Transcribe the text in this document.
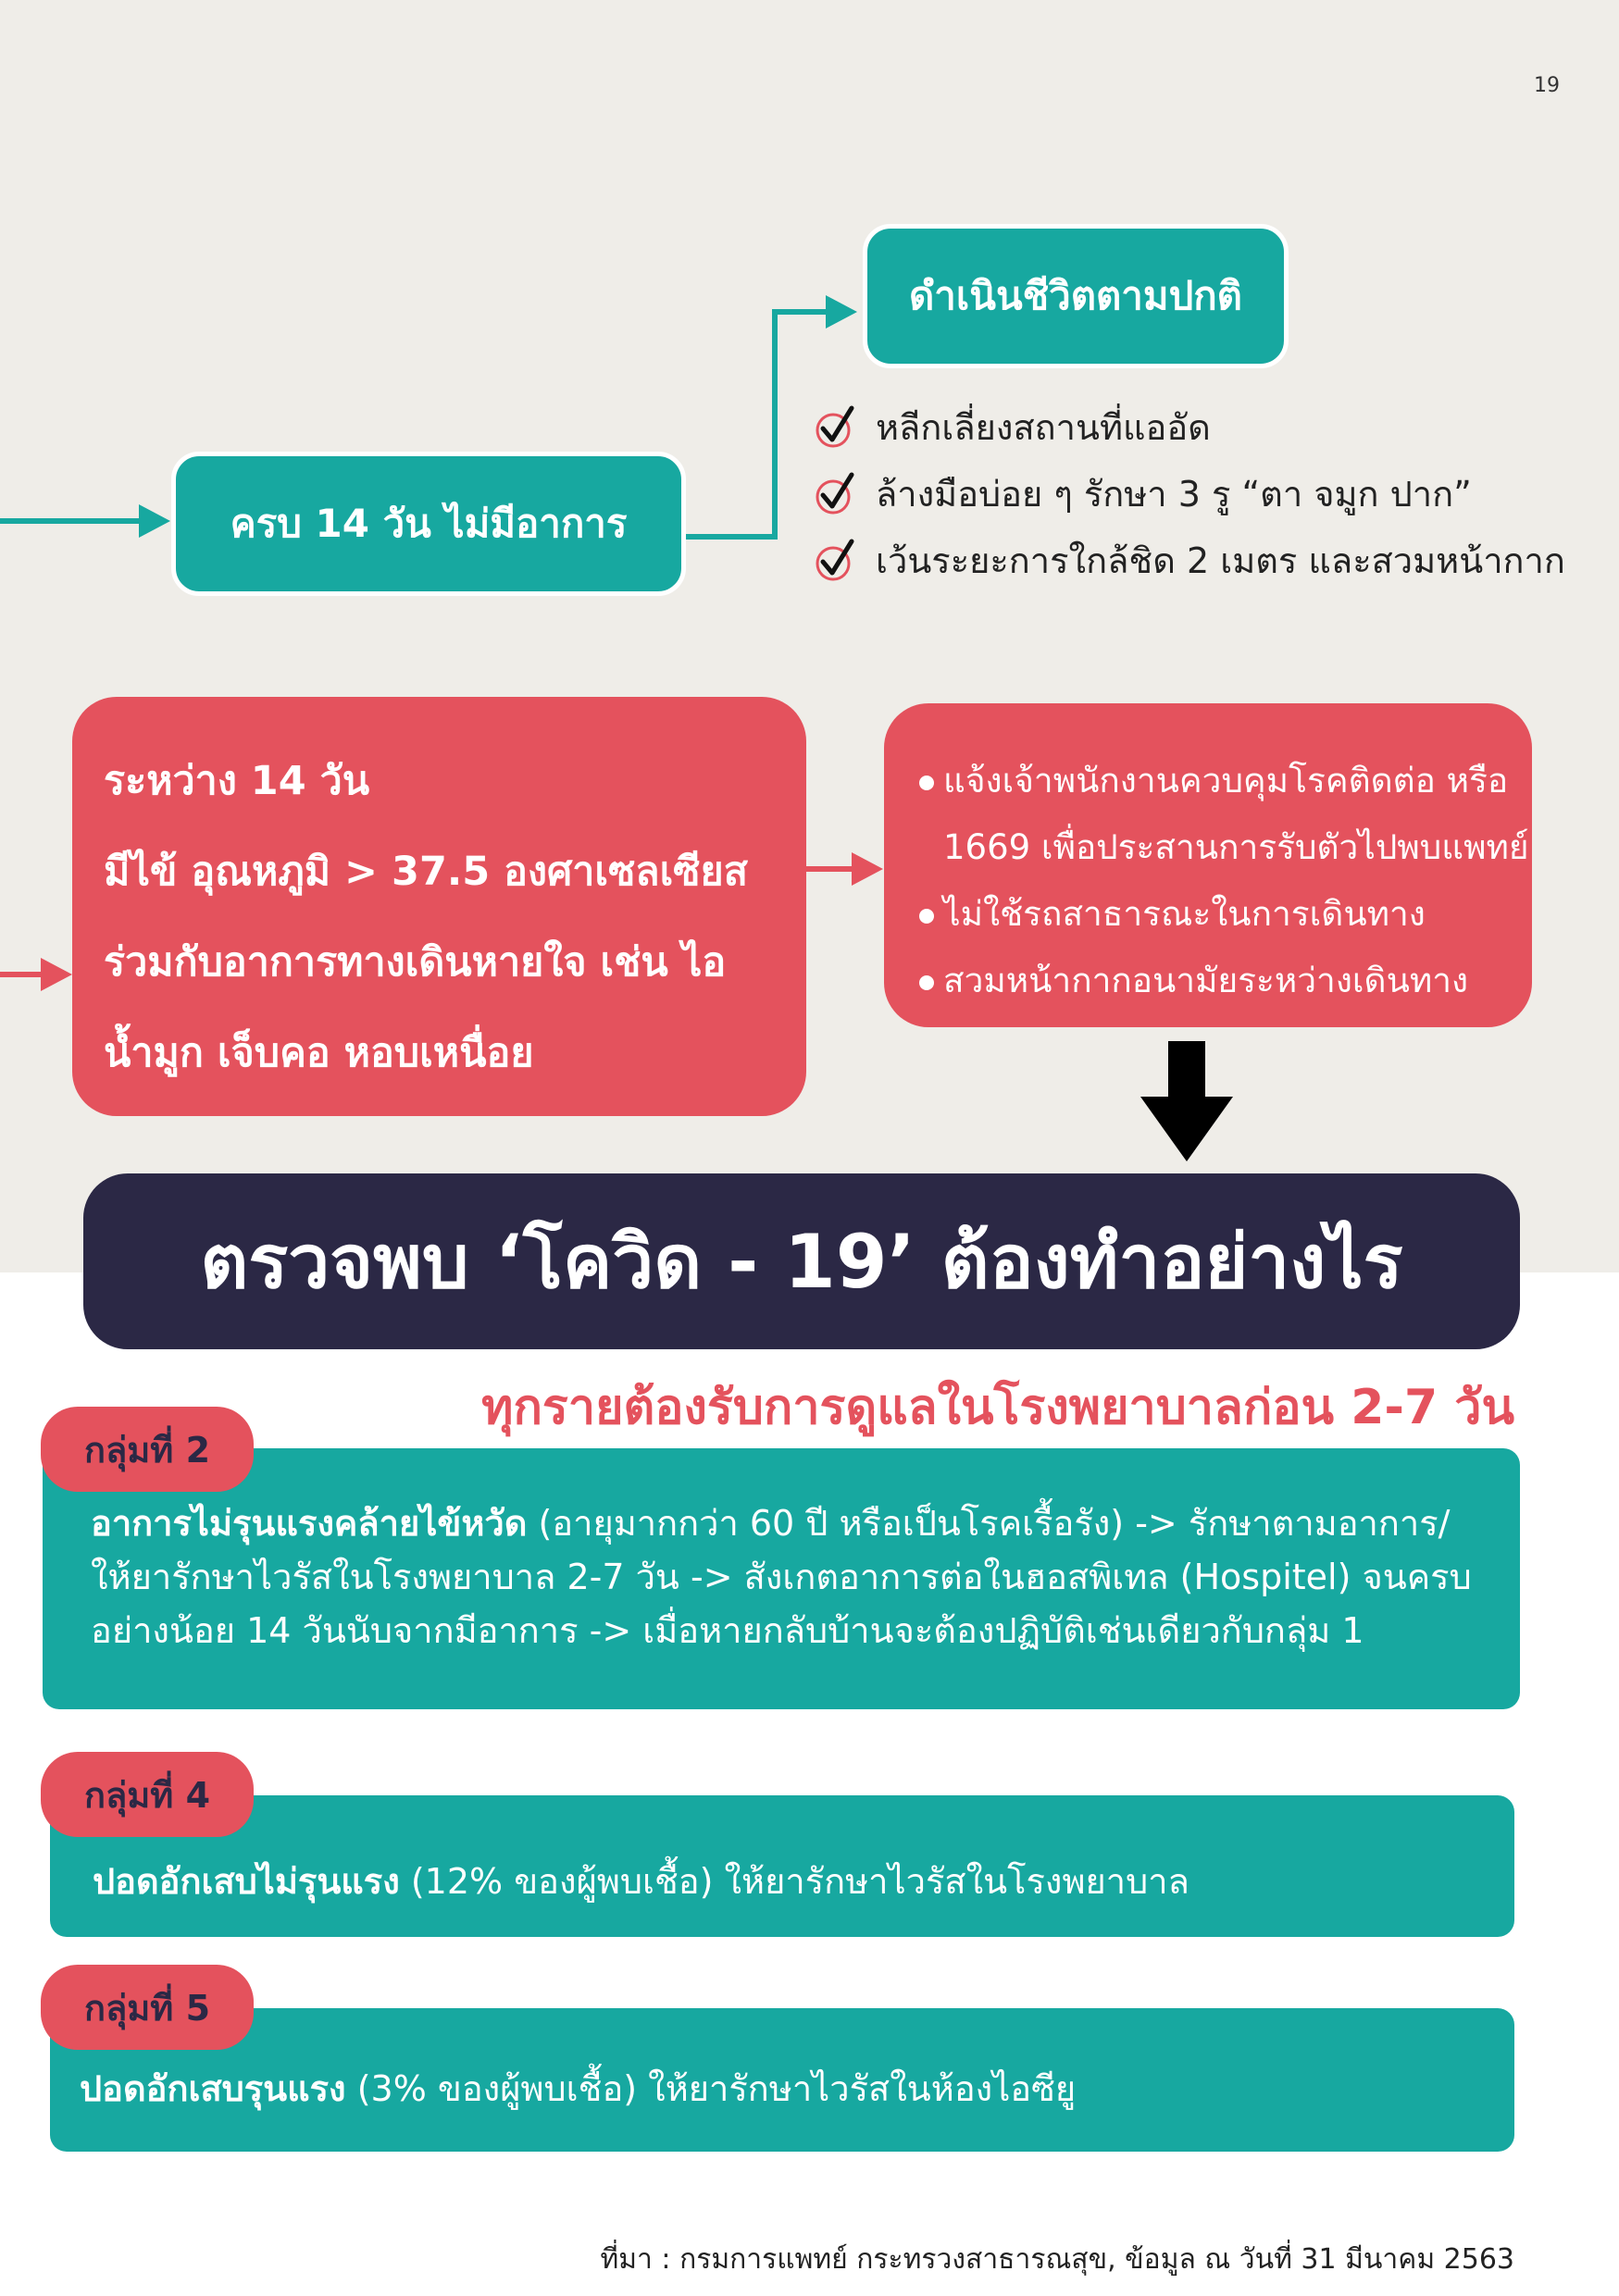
19
ดำเนินชีวิตตามปกติ
ครบ 14 วัน ไม่มีอาการ
หลีกเลี่ยงสถานที่แออัด
ล้างมือบ่อย ๆ รักษา 3 รู “ตา จมูก ปาก”
เว้นระยะการใกล้ชิด 2 เมตร และสวมหน้ากาก
ระหว่าง 14 วัน
มีไข้ อุณหภูมิ > 37.5 องศาเซลเซียส
ร่วมกับอาการทางเดินหายใจ เช่น ไอ
น้ำมูก เจ็บคอ หอบเหนื่อย
แจ้งเจ้าพนักงานควบคุมโรคติดต่อ หรือ
1669 เพื่อประสานการรับตัวไปพบแพทย์
ไม่ใช้รถสาธารณะในการเดินทาง
สวมหน้ากากอนามัยระหว่างเดินทาง
ตรวจพบ ‘โควิด - 19’ ต้องทำอย่างไร
ทุกรายต้องรับการดูแลในโรงพยาบาลก่อน 2-7 วัน
อาการไม่รุนแรงคล้ายไข้หวัด (อายุมากกว่า 60 ปี หรือเป็นโรคเรื้อรัง) -> รักษาตามอาการ/
ให้ยารักษาไวรัสในโรงพยาบาล 2-7 วัน -> สังเกตอาการต่อในฮอสพิเทล (Hospitel) จนครบ
อย่างน้อย 14 วันนับจากมีอาการ -> เมื่อหายกลับบ้านจะต้องปฏิบัติเช่นเดียวกับกลุ่ม 1
กลุ่มที่ 2
ปอดอักเสบไม่รุนแรง (12% ของผู้พบเชื้อ) ให้ยารักษาไวรัสในโรงพยาบาล
กลุ่มที่ 4
ปอดอักเสบรุนแรง (3% ของผู้พบเชื้อ) ให้ยารักษาไวรัสในห้องไอซียู
กลุ่มที่ 5
ที่มา : กรมการแพทย์ กระทรวงสาธารณสุข, ข้อมูล ณ วันที่ 31 มีนาคม 2563
